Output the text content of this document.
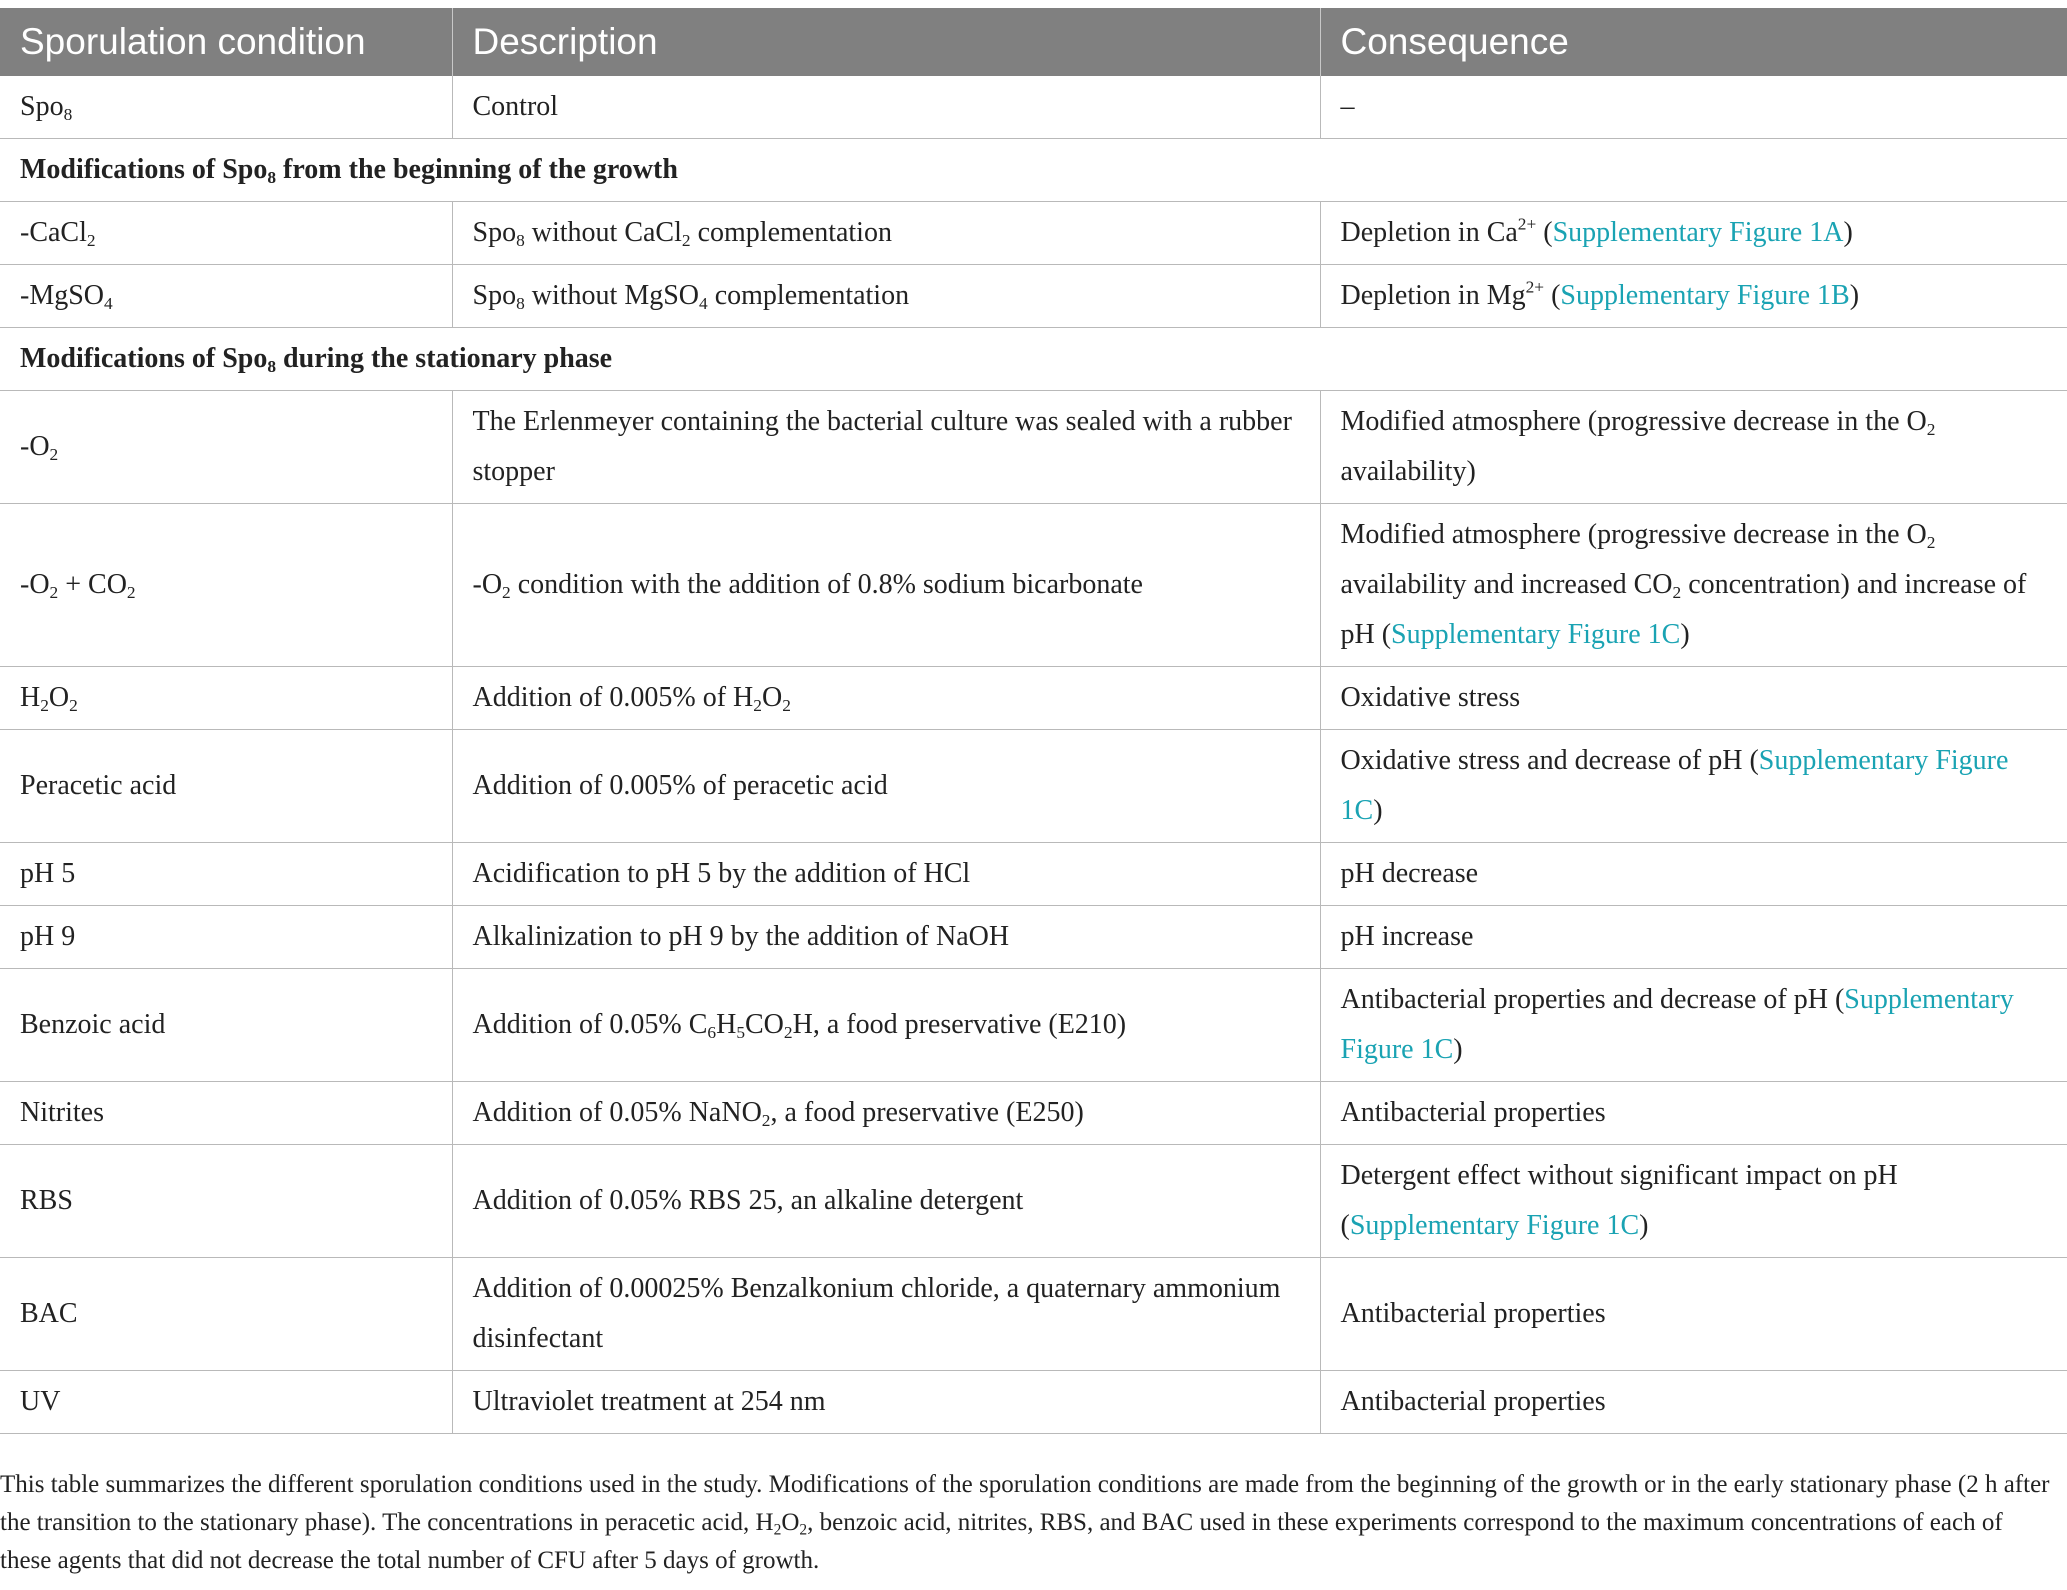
Sporulation condition	Description	Consequence
Spo$_8$	Control	–
Modifications of Spo$_8$ from the beginning of the growth		
-CaCl$_2$	Spo$_8$ without CaCl$_2$ complementation	Depletion in $Ca^{2+}$ (Supplementary Figure 1A)
-MgSO$_4$	Spo$_8$ without MgSO$_4$ complementation	Depletion in $Mg^{2+}$ (Supplementary Figure 1B)
Modifications of Spo$_8$ during the stationary phase		
$-O_2$	The Erlenmeyer containing the bacterial culture was sealed with a rubber stopper	Modified atmosphere (progressive decrease in the $O_2$ availability)
$-O_2 + CO_2$	$-O_2$ condition with the addition of 0.8% sodium bicarbonate	Modified atmosphere (progressive decrease in the $O_2$ availability and increased $CO_2$ concentration) and increase of pH (Supplementary Figure 1C)
$H_2O_2$	Addition of 0.005% of $H_2O_2$	Oxidative stress
Peracetic acid	Addition of 0.005% of peracetic acid	Oxidative stress and decrease of pH (Supplementary Figure 1C)
pH 5	Acidification to pH 5 by the addition of HCl	pH decrease
pH 9	Alkalinization to pH 9 by the addition of NaOH	pH increase
Benzoic acid	Addition of 0.05% $C_6H_5CO_2H$, a food preservative (E210)	Antibacterial properties and decrease of pH (Supplementary Figure 1C)
Nitrites	Addition of 0.05% NaNO$_2$, a food preservative (E250)	Antibacterial properties
RBS	Addition of 0.05% RBS 25, an alkaline detergent	Detergent effect without significant impact on pH (Supplementary Figure 1C)
BAC	Addition of 0.00025% Benzalkonium chloride, a quaternary ammonium disinfectant	Antibacterial properties
UV	Ultraviolet treatment at 254 nm	Antibacterial properties

This table summarizes the different sporulation conditions used in the study. Modifications of the sporulation conditions are made from the beginning of the growth or in the early stationary phase (2 h after the transition to the stationary phase). The concentrations in peracetic acid, $H_2O_2$, benzoic acid, nitrites, RBS, and BAC used in these experiments correspond to the maximum concentrations of each of these agents that did not decrease the total number of CFU after 5 days of growth.
